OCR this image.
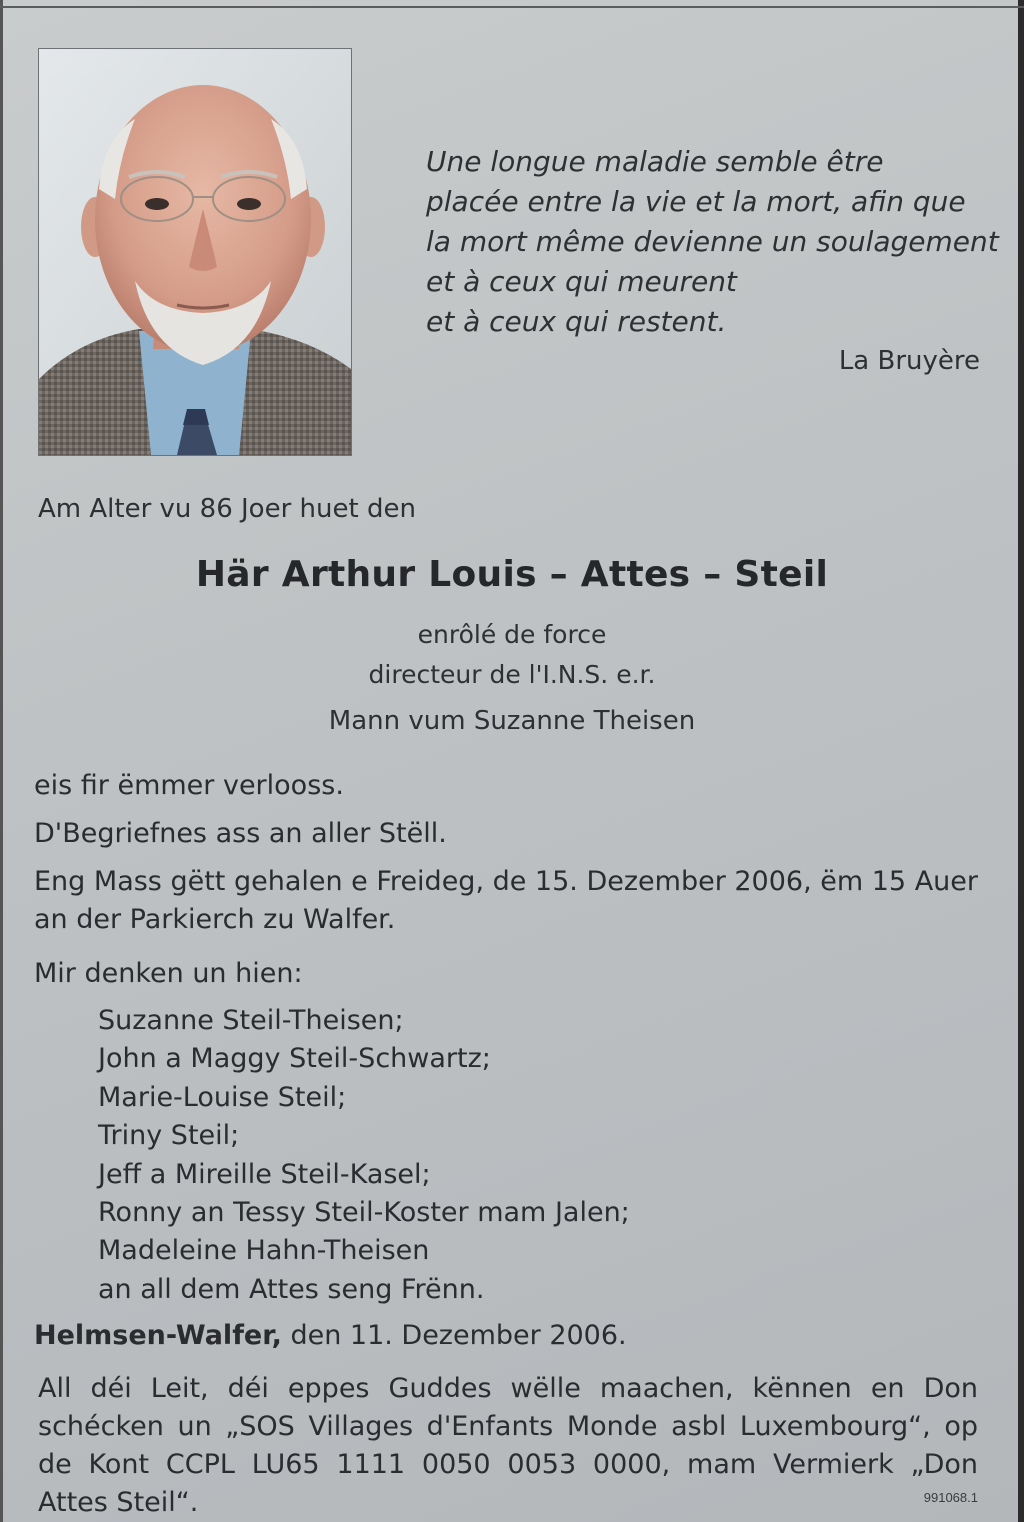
Une longue maladie semble être
placée entre la vie et la mort, afin que
la mort même devienne un soulagement
et à ceux qui meurent
et à ceux qui restent.
La Bruyère
Am Alter vu 86 Joer huet den
Här Arthur Louis – Attes – Steil
enrôlé de force
directeur de l'I.N.S. e.r.
Mann vum Suzanne Theisen
eis fir ëmmer verlooss.
D'Begriefnes ass an aller Stëll.
Eng Mass gëtt gehalen e Freideg, de 15. Dezember 2006, ëm 15 Auer
an der Parkierch zu Walfer.
Mir denken un hien:
Suzanne Steil-Theisen;
John a Maggy Steil-Schwartz;
Marie-Louise Steil;
Triny Steil;
Jeff a Mireille Steil-Kasel;
Ronny an Tessy Steil-Koster mam Jalen;
Madeleine Hahn-Theisen
an all dem Attes seng Frënn.
Helmsen-Walfer, den 11. Dezember 2006.
All déi Leit, déi eppes Guddes wëlle maachen, kënnen en Don
schécken un „SOS Villages d'Enfants Monde asbl Luxembourg“, op
de Kont CCPL LU65 1111 0050 0053 0000, mam Vermierk „Don
Attes Steil“.	991068.1
